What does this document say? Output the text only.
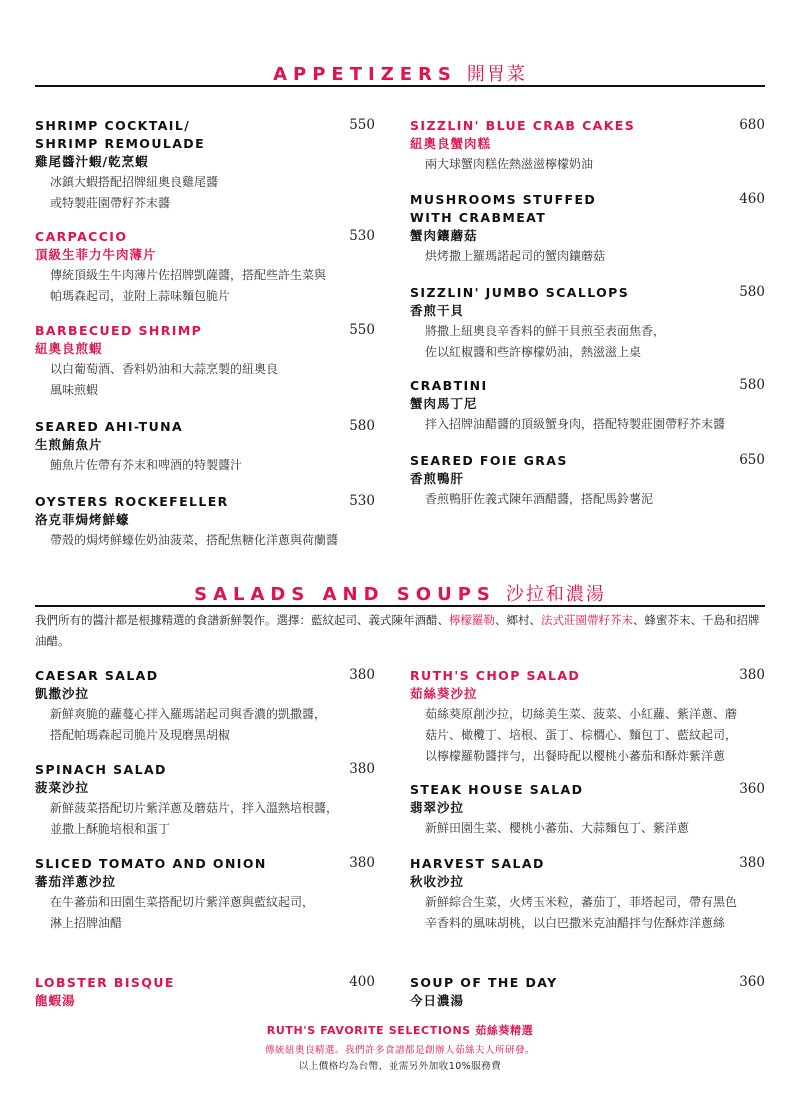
APPETIZERS 開胃菜
SHRIMP COCKTAIL/
SHRIMP REMOULADE
雞尾醬汁蝦/乾烹蝦
冰鎮大蝦搭配招牌紐奧良雞尾醬
或特製莊園帶籽芥末醬
550
CARPACCIO
頂級生菲力牛肉薄片
傳統頂級生牛肉薄片佐招牌凱薩醬，搭配些許生菜與
帕瑪森起司，並附上蒜味麵包脆片
530
BARBECUED SHRIMP
紐奧良煎蝦
以白葡萄酒、香料奶油和大蒜烹製的紐奧良
風味煎蝦
550
SEARED AHI-TUNA
生煎鮪魚片
鮪魚片佐帶有芥末和啤酒的特製醬汁
580
OYSTERS ROCKEFELLER
洛克菲焗烤鮮蠔
帶殼的焗烤鮮蠔佐奶油菠菜，搭配焦糖化洋蔥與荷蘭醬
530
SIZZLIN' BLUE CRAB CAKES
紐奧良蟹肉糕
兩大球蟹肉糕佐熱滋滋檸檬奶油
680
MUSHROOMS STUFFED
WITH CRABMEAT
蟹肉鑲蘑菇
烘烤撒上羅瑪諾起司的蟹肉鑲蘑菇
460
SIZZLIN' JUMBO SCALLOPS
香煎干貝
將撒上紐奧良辛香料的鮮干貝煎至表面焦香，
佐以紅椒醬和些許檸檬奶油，熱滋滋上桌
580
CRABTINI
蟹肉馬丁尼
拌入招牌油醋醬的頂級蟹身肉，搭配特製莊園帶籽芥末醬
580
SEARED FOIE GRAS
香煎鴨肝
香煎鴨肝佐義式陳年酒醋醬，搭配馬鈴薯泥
650
SALADS AND SOUPS 沙拉和濃湯
我們所有的醬汁都是根據精選的食譜新鮮製作。選擇：藍紋起司、義式陳年酒醋、檸檬羅勒、鄉村、法式莊園帶籽芥末、蜂蜜芥末、千島和招牌油醋。
CAESAR SALAD
凱撒沙拉
新鮮爽脆的蘿蔓心拌入羅瑪諾起司與香濃的凱撒醬，
搭配帕瑪森起司脆片及現磨黑胡椒
380
SPINACH SALAD
菠菜沙拉
新鮮菠菜搭配切片紫洋蔥及蘑菇片，拌入溫熱培根醬，
並撒上酥脆培根和蛋丁
380
SLICED TOMATO AND ONION
蕃茄洋蔥沙拉
在牛蕃茄和田園生菜搭配切片紫洋蔥與藍紋起司，
淋上招牌油醋
380
LOBSTER BISQUE
龍蝦湯
400
RUTH'S CHOP SALAD
茹絲葵沙拉
茹絲葵原創沙拉，切絲美生菜、菠菜、小紅蘿、紫洋蔥、蘑
菇片、橄欖丁、培根、蛋丁、棕櫚心、麵包丁、藍紋起司，
以檸檬羅勒醬拌勻，出餐時配以櫻桃小蕃茄和酥炸紫洋蔥
380
STEAK HOUSE SALAD
翡翠沙拉
新鮮田園生菜、櫻桃小蕃茄、大蒜麵包丁、紫洋蔥
360
HARVEST SALAD
秋收沙拉
新鮮綜合生菜，火烤玉米粒，蕃茄丁，菲塔起司，帶有黑色
辛香料的風味胡桃，以白巴撒米克油醋拌勻佐酥炸洋蔥絲
380
SOUP OF THE DAY
今日濃湯
360
RUTH'S FAVORITE SELECTIONS 茹絲葵精選
傳統紐奧良精選。我們許多食譜都是創辦人茹絲夫人所研發。
以上價格均為台幣，並需另外加收10%服務費
